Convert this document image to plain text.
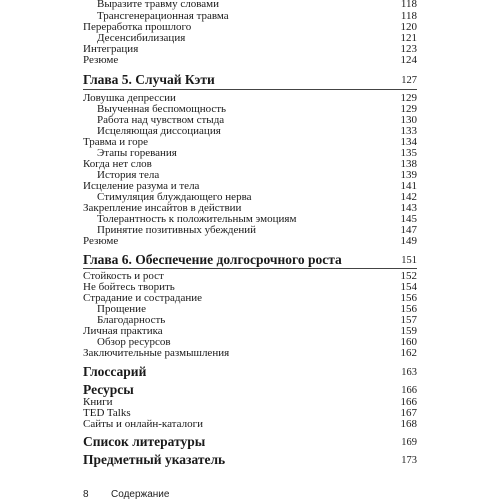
Выразите травму словами	118
Трансгенерационная травма	118
Переработка прошлого	120
Десенсибилизация	121
Интеграция	123
Резюме	124
Глава 5. Случай Кэти	127
Ловушка депрессии	129
Выученная беспомощность	129
Работа над чувством стыда	130
Исцеляющая диссоциация	133
Травма и горе	134
Этапы горевания	135
Когда нет слов	138
История тела	139
Исцеление разума и тела	141
Стимуляция блуждающего нерва	142
Закрепление инсайтов в действии	143
Толерантность к положительным эмоциям	145
Принятие позитивных убеждений	147
Резюме	149
Глава 6. Обеспечение долгосрочного роста	151
Стойкость и рост	152
Не бойтесь творить	154
Страдание и сострадание	156
Прощение	156
Благодарность	157
Личная практика	159
Обзор ресурсов	160
Заключительные размышления	162
Глоссарий	163
Ресурсы	166
Книги	166
TED Talks	167
Сайты и онлайн-каталоги	168
Список литературы	169
Предметный указатель	173
8 Содержание
